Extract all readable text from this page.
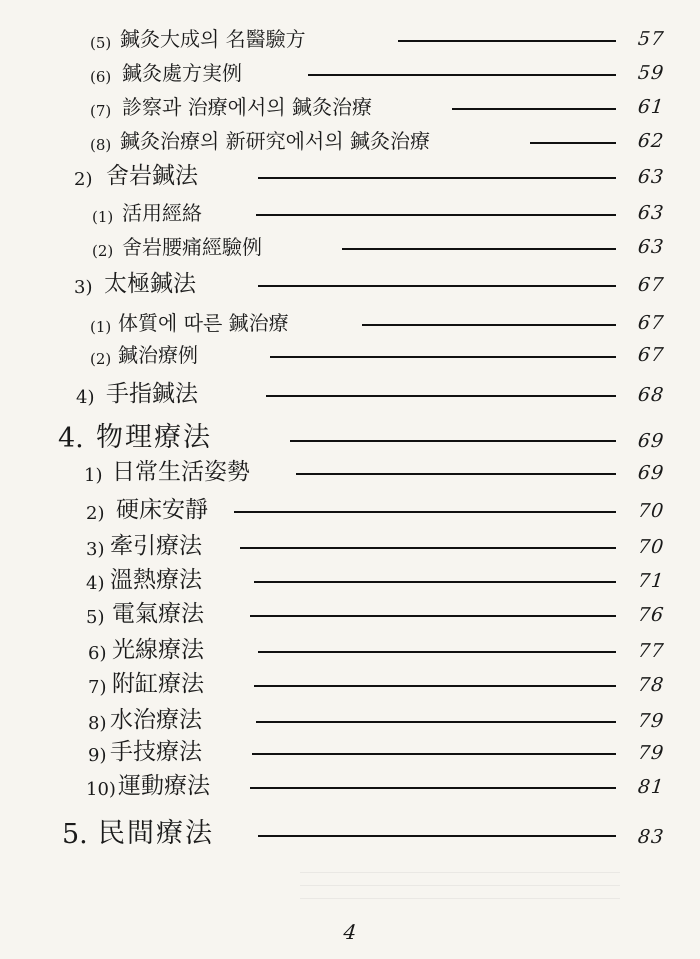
(5) 鍼灸大成의 名醫驗方	57
(6) 鍼灸處方実例	59
(7) 診察과 治療에서의 鍼灸治療	61
(8) 鍼灸治療의 新研究에서의 鍼灸治療	62
2) 舍岩鍼法	63
(1) 活用經絡	63
(2) 舍岩腰痛經驗例	63
3) 太極鍼法	67
(1) 体質에 따른 鍼治療	67
(2) 鍼治療例	67
4) 手指鍼法	68
4. 物理療法	69
1) 日常生活姿勢	69
2) 硬床安靜	70
3) 牽引療法	70
4) 溫熱療法	71
5) 電氣療法	76
6) 光線療法	77
7) 附缸療法	78
8) 水治療法	79
9) 手技療法	79
10) 運動療法	81
5. 民間療法	83
4
